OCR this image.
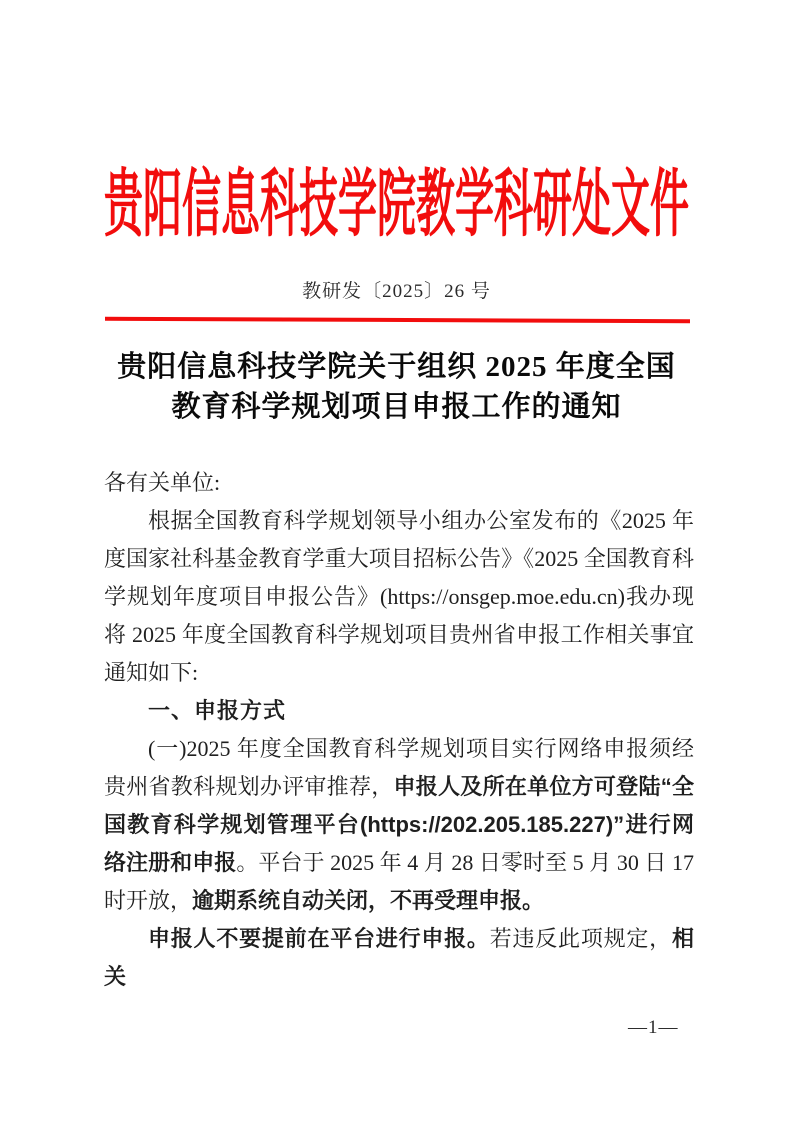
贵阳信息科技学院教学科研处文件
教研发〔2025〕26 号
贵阳信息科技学院关于组织 2025 年度全国
教育科学规划项目申报工作的通知
各有关单位:
根据全国教育科学规划领导小组办公室发布的《2025 年度国家社科基金教育学重大项目招标公告》《2025 全国教育科学规划年度项目申报公告》(https://onsgep.moe.edu.cn)我办现将 2025 年度全国教育科学规划项目贵州省申报工作相关事宜通知如下:
一、申报方式
(一)2025 年度全国教育科学规划项目实行网络申报须经贵州省教科规划办评审推荐，申报人及所在单位方可登陆“全国教育科学规划管理平台(https://202.205.185.227)”进行网络注册和申报。平台于 2025 年 4 月 28 日零时至 5 月 30 日 17 时开放，逾期系统自动关闭，不再受理申报。
申报人不要提前在平台进行申报。若违反此项规定，相关
—1—
